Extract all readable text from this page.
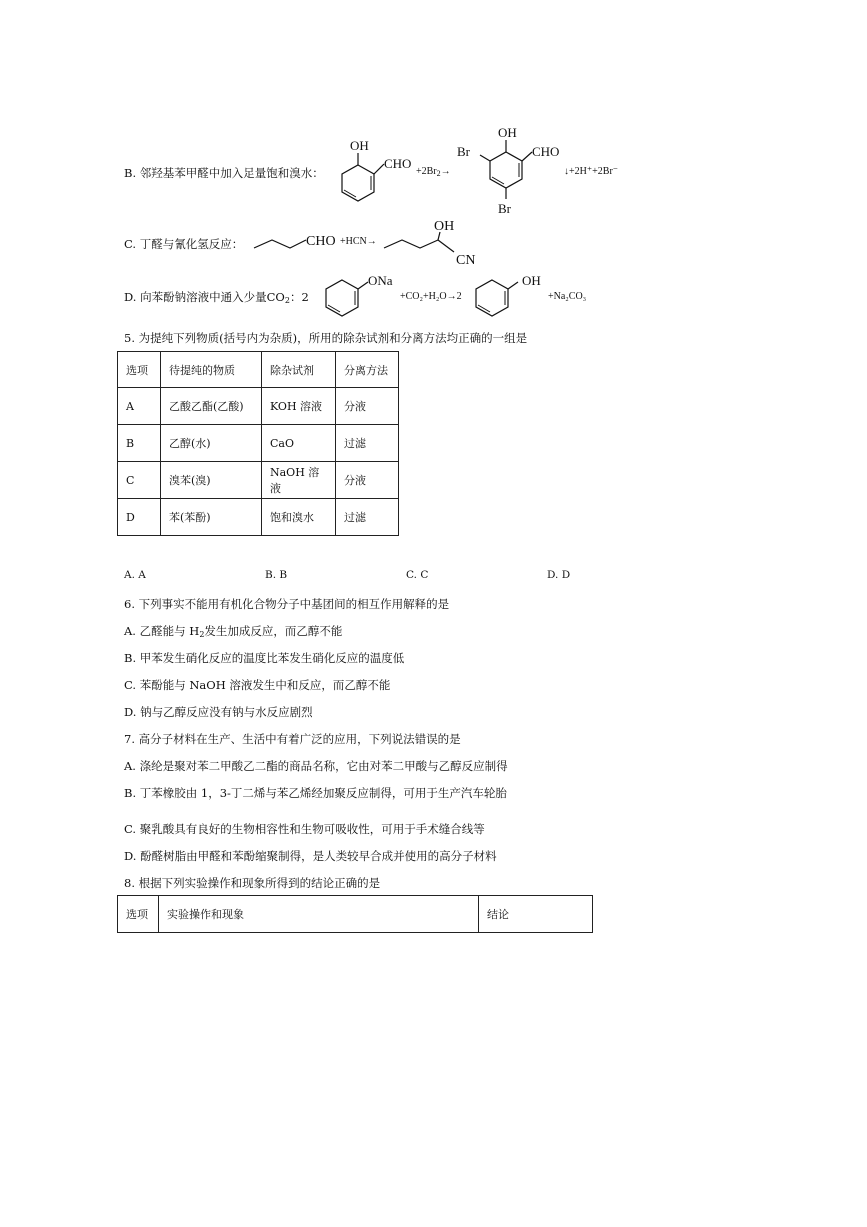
B. 邻羟基苯甲醛中加入足量饱和溴水：
OH
CHO
$+2Br_2\to$
OH
Br	CHO
Br
↓+2H⁺+2Br⁻
C. 丁醛与氰化氢反应：	CHO +HCN→
OH
CN
D. 向苯酚钠溶液中通入少量$CO_2$：2
ONa
+CO₂+H₂O→2
OH
+Na₂CO₃
5. 为提纯下列物质(括号内为杂质)，所用的除杂试剂和分离方法均正确的一组是
选项	待提纯的物质	除杂试剂	分离方法
A	乙酸乙酯(乙酸)	KOH 溶液	分液
B	乙醇(水)	CaO	过滤
C	溴苯(溴)	NaOH 溶液	分液
D	苯(苯酚)	饱和溴水	过滤
A. A	B. B	C. C	D. D
6. 下列事实不能用有机化合物分子中基团间的相互作用解释的是
A. 乙醛能与 $H_2$发生加成反应，而乙醇不能
B. 甲苯发生硝化反应的温度比苯发生硝化反应的温度低
C. 苯酚能与 NaOH 溶液发生中和反应，而乙醇不能
D. 钠与乙醇反应没有钠与水反应剧烈
7. 高分子材料在生产、生活中有着广泛的应用，下列说法错误的是
A. 涤纶是聚对苯二甲酸乙二酯的商品名称，它由对苯二甲酸与乙醇反应制得
B. 丁苯橡胶由 1，3-丁二烯与苯乙烯经加聚反应制得，可用于生产汽车轮胎
C. 聚乳酸具有良好的生物相容性和生物可吸收性，可用于手术缝合线等
D. 酚醛树脂由甲醛和苯酚缩聚制得，是人类较早合成并使用的高分子材料
8. 根据下列实验操作和现象所得到的结论正确的是
选项	实验操作和现象	结论
